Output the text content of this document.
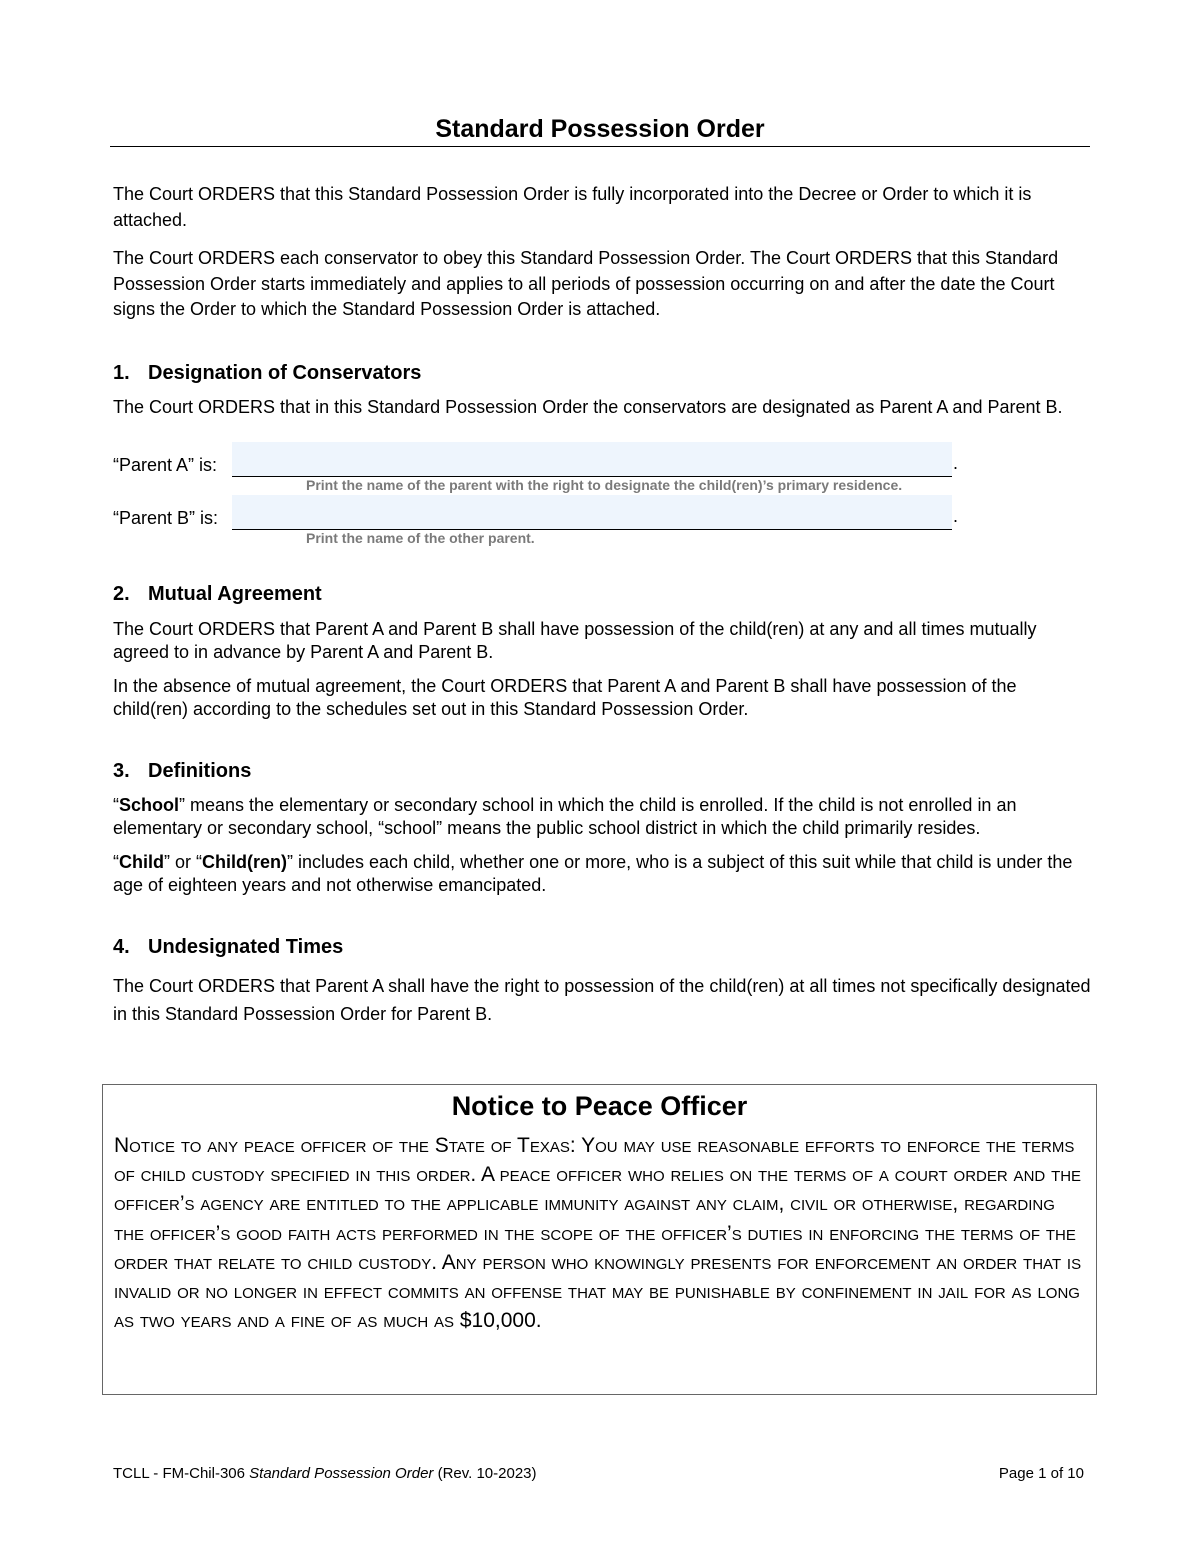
Standard Possession Order

The Court ORDERS that this Standard Possession Order is fully incorporated into the Decree or Order to which it is attached.

The Court ORDERS each conservator to obey this Standard Possession Order. The Court ORDERS that this Standard Possession Order starts immediately and applies to all periods of possession occurring on and after the date the Court signs the Order to which the Standard Possession Order is attached.

1. Designation of Conservators

The Court ORDERS that in this Standard Possession Order the conservators are designated as Parent A and Parent B.

“Parent A” is:	.

Print the name of the parent with the right to designate the child(ren)’s primary residence.

“Parent B” is:	.

Print the name of the other parent.

2. Mutual Agreement

The Court ORDERS that Parent A and Parent B shall have possession of the child(ren) at any and all times mutually agreed to in advance by Parent A and Parent B.

In the absence of mutual agreement, the Court ORDERS that Parent A and Parent B shall have possession of the child(ren) according to the schedules set out in this Standard Possession Order.

3. Definitions

“School” means the elementary or secondary school in which the child is enrolled. If the child is not enrolled in an elementary or secondary school, “school” means the public school district in which the child primarily resides.

“Child” or “Child(ren)” includes each child, whether one or more, who is a subject of this suit while that child is under the age of eighteen years and not otherwise emancipated.

4. Undesignated Times

The Court ORDERS that Parent A shall have the right to possession of the child(ren) at all times not specifically designated in this Standard Possession Order for Parent B.

Notice to Peace Officer

Notice to any peace officer of the State of Texas: You may use reasonable efforts to enforce the terms of child custody specified in this order. A peace officer who relies on the terms of a court order and the officer’s agency are entitled to the applicable immunity against any claim, civil or otherwise, regarding the officer’s good faith acts performed in the scope of the officer’s duties in enforcing the terms of the order that relate to child custody. Any person who knowingly presents for enforcement an order that is invalid or no longer in effect commits an offense that may be punishable by confinement in jail for as long as two years and a fine of as much as $10,000.

TCLL - FM-Chil-306 Standard Possession Order (Rev. 10-2023)	Page 1 of 10
